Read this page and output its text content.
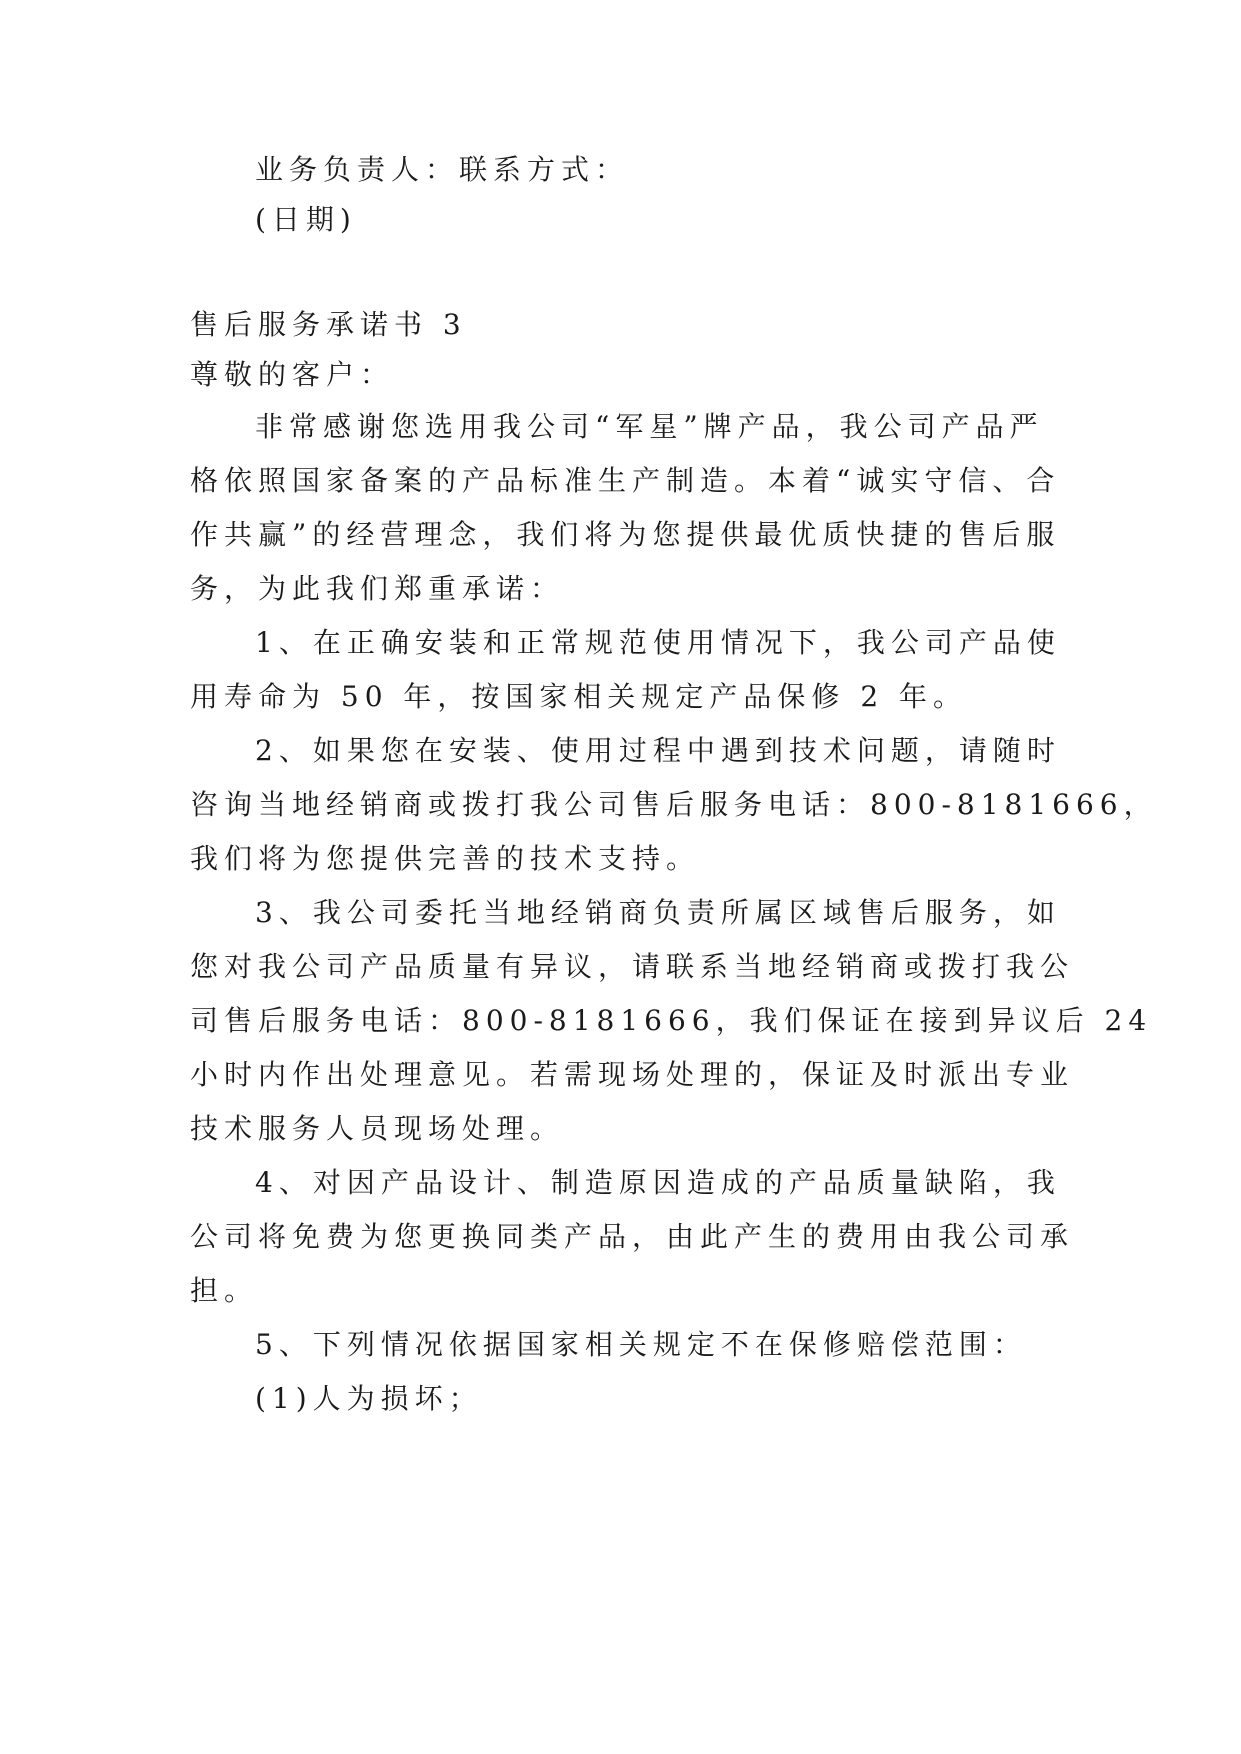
业务负责人：联系方式：
(日期)
售后服务承诺书 3
尊敬的客户：
非常感谢您选用我公司“军星”牌产品，我公司产品严
格依照国家备案的产品标准生产制造。本着“诚实守信、合
作共赢”的经营理念，我们将为您提供最优质快捷的售后服
务，为此我们郑重承诺：
1、在正确安装和正常规范使用情况下，我公司产品使
用寿命为 50 年，按国家相关规定产品保修 2 年。
2、如果您在安装、使用过程中遇到技术问题，请随时
咨询当地经销商或拨打我公司售后服务电话：800-8181666，
我们将为您提供完善的技术支持。
3、我公司委托当地经销商负责所属区域售后服务，如
您对我公司产品质量有异议，请联系当地经销商或拨打我公
司售后服务电话：800-8181666，我们保证在接到异议后 24
小时内作出处理意见。若需现场处理的，保证及时派出专业
技术服务人员现场处理。
4、对因产品设计、制造原因造成的产品质量缺陷，我
公司将免费为您更换同类产品，由此产生的费用由我公司承
担。
5、下列情况依据国家相关规定不在保修赔偿范围：
(1)人为损坏；
